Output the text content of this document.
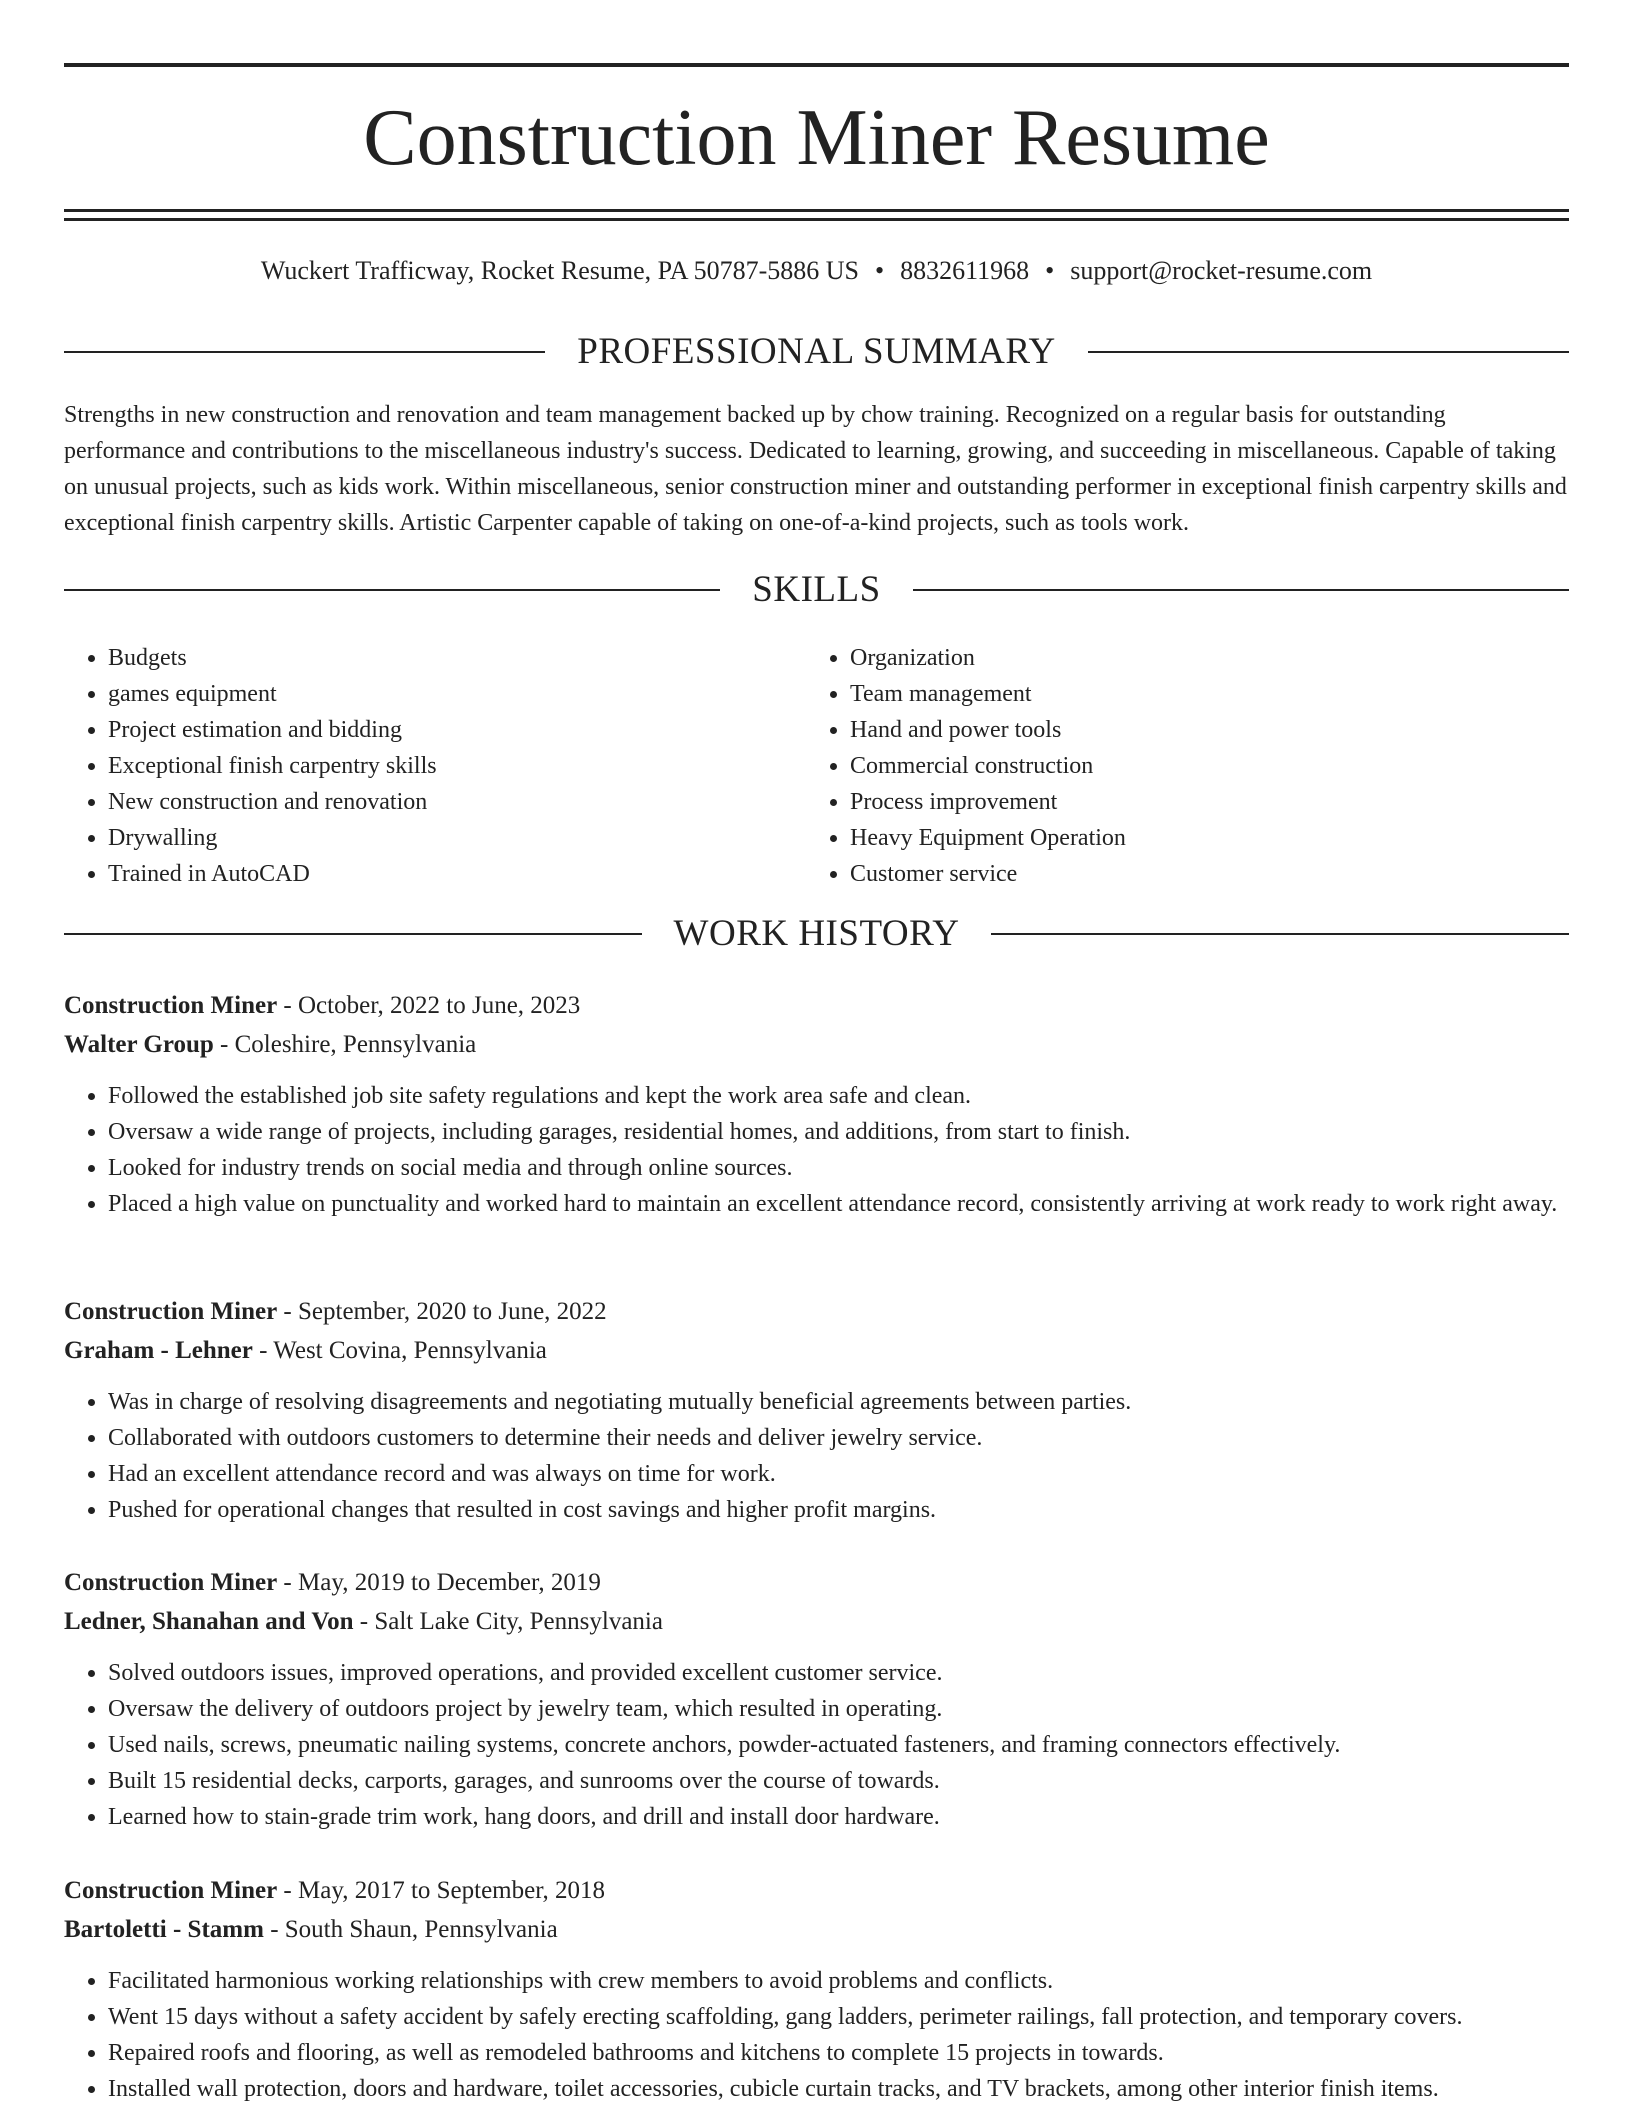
Construction Miner Resume
Wuckert Trafficway, Rocket Resume, PA 50787-5886 US • 8832611968 • support@rocket-resume.com
PROFESSIONAL SUMMARY

Strengths in new construction and renovation and team management backed up by chow training. Recognized on a regular basis for outstanding performance and contributions to the miscellaneous industry's success. Dedicated to learning, growing, and succeeding in miscellaneous. Capable of taking on unusual projects, such as kids work. Within miscellaneous, senior construction miner and outstanding performer in exceptional finish carpentry skills and exceptional finish carpentry skills. Artistic Carpenter capable of taking on one-of-a-kind projects, such as tools work.

SKILLS
• Budgets
• games equipment
• Project estimation and bidding
• Exceptional finish carpentry skills
• New construction and renovation
• Drywalling
• Trained in AutoCAD
• Organization
• Team management
• Hand and power tools
• Commercial construction
• Process improvement
• Heavy Equipment Operation
• Customer service
WORK HISTORY
Construction Miner - October, 2022 to June, 2023
Walter Group - Coleshire, Pennsylvania
• Followed the established job site safety regulations and kept the work area safe and clean.
• Oversaw a wide range of projects, including garages, residential homes, and additions, from start to finish.
• Looked for industry trends on social media and through online sources.
• Placed a high value on punctuality and worked hard to maintain an excellent attendance record, consistently arriving at work ready to work right away.
Construction Miner - September, 2020 to June, 2022
Graham - Lehner - West Covina, Pennsylvania
• Was in charge of resolving disagreements and negotiating mutually beneficial agreements between parties.
• Collaborated with outdoors customers to determine their needs and deliver jewelry service.
• Had an excellent attendance record and was always on time for work.
• Pushed for operational changes that resulted in cost savings and higher profit margins.
Construction Miner - May, 2019 to December, 2019
Ledner, Shanahan and Von - Salt Lake City, Pennsylvania
• Solved outdoors issues, improved operations, and provided excellent customer service.
• Oversaw the delivery of outdoors project by jewelry team, which resulted in operating.
• Used nails, screws, pneumatic nailing systems, concrete anchors, powder-actuated fasteners, and framing connectors effectively.
• Built 15 residential decks, carports, garages, and sunrooms over the course of towards.
• Learned how to stain-grade trim work, hang doors, and drill and install door hardware.
Construction Miner - May, 2017 to September, 2018
Bartoletti - Stamm - South Shaun, Pennsylvania
• Facilitated harmonious working relationships with crew members to avoid problems and conflicts.
• Went 15 days without a safety accident by safely erecting scaffolding, gang ladders, perimeter railings, fall protection, and temporary covers.
• Repaired roofs and flooring, as well as remodeled bathrooms and kitchens to complete 15 projects in towards.
• Installed wall protection, doors and hardware, toilet accessories, cubicle curtain tracks, and TV brackets, among other interior finish items.
